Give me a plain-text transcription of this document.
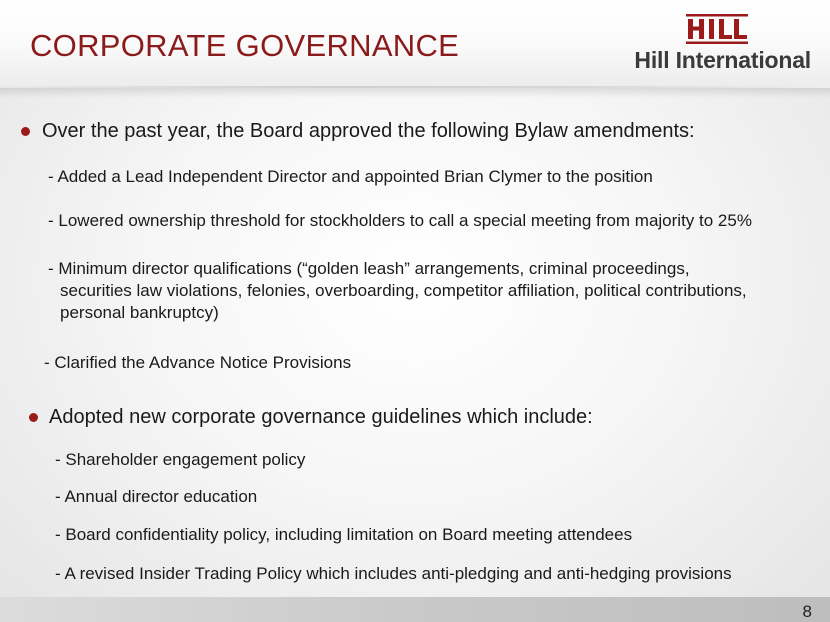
CORPORATE GOVERNANCE	Hill International
Over the past year, the Board approved the following Bylaw amendments:
- Added a Lead Independent Director and appointed Brian Clymer to the position
- Lowered ownership threshold for stockholders to call a special meeting from majority to 25%
- Minimum director qualifications (“golden leash” arrangements, criminal proceedings,
securities law violations, felonies, overboarding, competitor affiliation, political contributions,
personal bankruptcy)
- Clarified the Advance Notice Provisions
Adopted new corporate governance guidelines which include:
- Shareholder engagement policy
- Annual director education
- Board confidentiality policy, including limitation on Board meeting attendees
- A revised Insider Trading Policy which includes anti-pledging and anti-hedging provisions
8
